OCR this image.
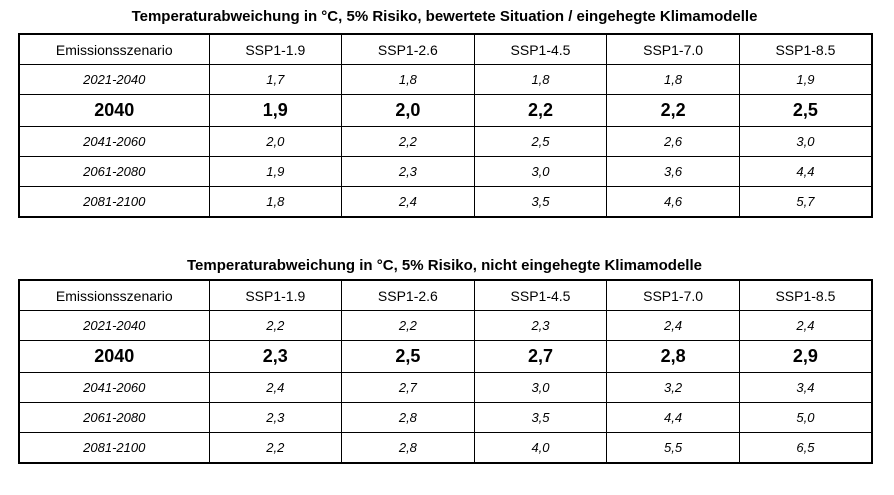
Temperaturabweichung in °C, 5% Risiko, bewertete Situation / eingehegte Klimamodelle
Emissionsszenario	SSP1-1.9	SSP1-2.6	SSP1-4.5	SSP1-7.0	SSP1-8.5
2021-2040	1,7	1,8	1,8	1,8	1,9
2040	1,9	2,0	2,2	2,2	2,5
2041-2060	2,0	2,2	2,5	2,6	3,0
2061-2080	1,9	2,3	3,0	3,6	4,4
2081-2100	1,8	2,4	3,5	4,6	5,7
Temperaturabweichung in °C, 5% Risiko, nicht eingehegte Klimamodelle
Emissionsszenario	SSP1-1.9	SSP1-2.6	SSP1-4.5	SSP1-7.0	SSP1-8.5
2021-2040	2,2	2,2	2,3	2,4	2,4
2040	2,3	2,5	2,7	2,8	2,9
2041-2060	2,4	2,7	3,0	3,2	3,4
2061-2080	2,3	2,8	3,5	4,4	5,0
2081-2100	2,2	2,8	4,0	5,5	6,5
